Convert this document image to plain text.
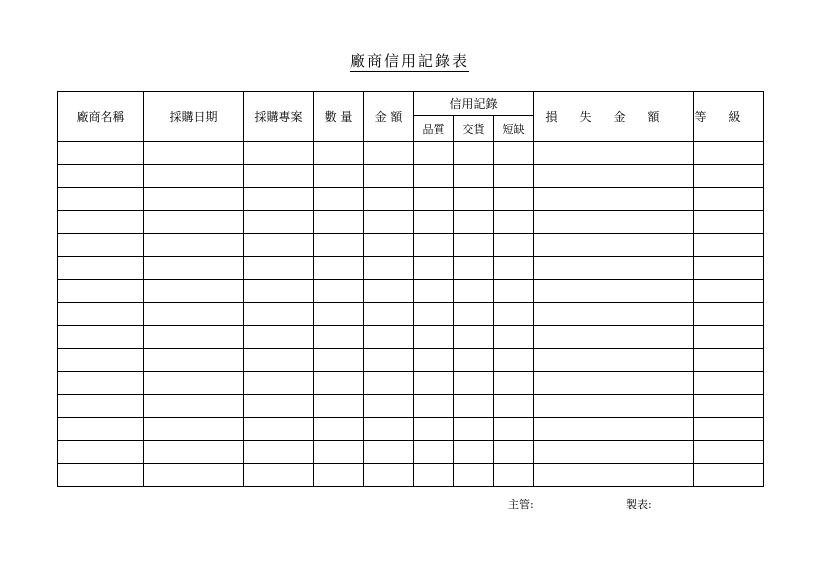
廠商信用記錄表
廠商名稱	採購日期	採購專案	數 量	金 額	信用記錄			損失金額	等級
					品質	交貨	短缺		

主管:	製表:
